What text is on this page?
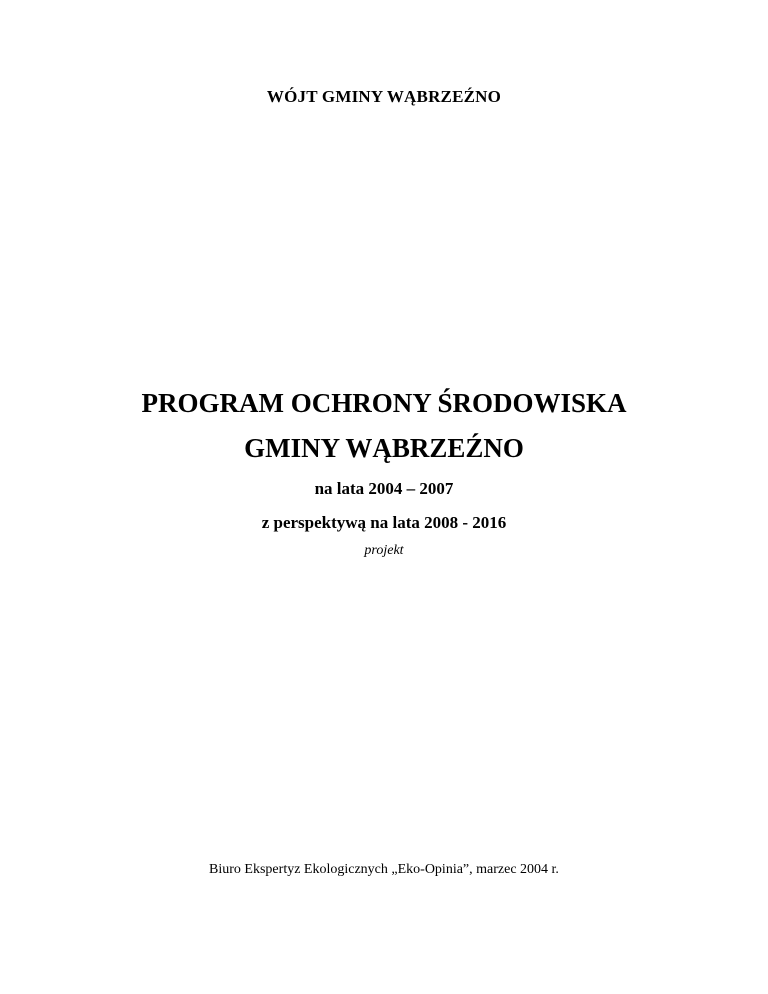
WÓJT GMINY WĄBRZEŹNO
PROGRAM OCHRONY ŚRODOWISKA
GMINY WĄBRZEŹNO
na lata 2004 – 2007
z perspektywą na lata 2008 - 2016
projekt
Biuro Ekspertyz Ekologicznych „Eko-Opinia”, marzec 2004 r.
